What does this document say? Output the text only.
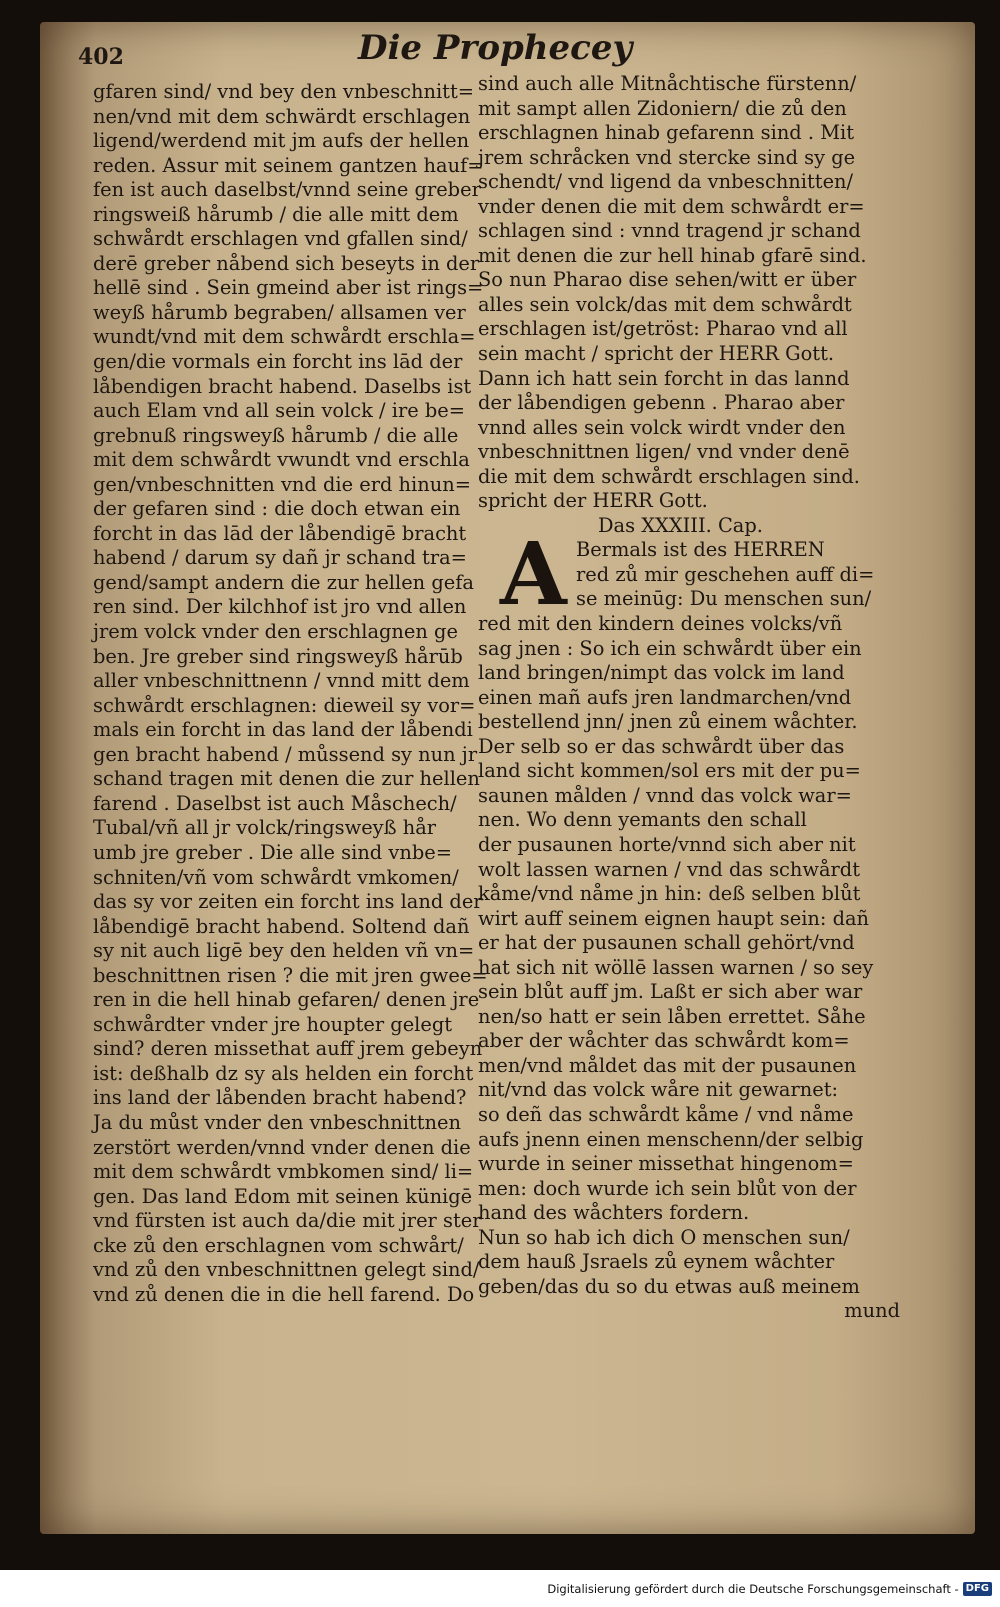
402	Die Prophecey
gfaren sind/ vnd bey den vnbeschnitt=
nen/vnd mit dem schwärdt erschlagen
ligend/werdend mit jm aufs der hellen
reden. Assur mit seinem gantzen hauf=
fen ist auch daselbst/vnnd seine greber
ringsweiß hårumb / die alle mitt dem
schwårdt erschlagen vnd gfallen sind/
derē greber nåbend sich beseyts in der
hellē sind . Sein gmeind aber ist rings=
weyß hårumb begraben/ allsamen ver
wundt/vnd mit dem schwårdt erschla=
gen/die vormals ein forcht ins lād der
låbendigen bracht habend. Daselbs ist
auch Elam vnd all sein volck / ire be=
grebnuß ringsweyß hårumb / die alle
mit dem schwårdt vwundt vnd erschla
gen/vnbeschnitten vnd die erd hinun=
der gefaren sind : die doch etwan ein
forcht in das lād der låbendigē bracht
habend / darum sy dañ jr schand tra=
gend/sampt andern die zur hellen gefa
ren sind. Der kilchhof ist jro vnd allen
jrem volck vnder den erschlagnen ge
ben. Jre greber sind ringsweyß hårūb
aller vnbeschnittnenn / vnnd mitt dem
schwårdt erschlagnen: dieweil sy vor=
mals ein forcht in das land der låbendi
gen bracht habend / můssend sy nun jr
schand tragen mit denen die zur hellen
farend . Daselbst ist auch Måschech/
Tubal/vñ all jr volck/ringsweyß hår
umb jre greber . Die alle sind vnbe=
schniten/vñ vom schwårdt vmkomen/
das sy vor zeiten ein forcht ins land der
låbendigē bracht habend. Soltend dañ
sy nit auch ligē bey den helden vñ vn=
beschnittnen risen ? die mit jren gwee=
ren in die hell hinab gefaren/ denen jre
schwårdter vnder jre houpter gelegt
sind? deren missethat auff jrem gebeyn
ist: deßhalb dz sy als helden ein forcht
ins land der låbenden bracht habend?
Ja du můst vnder den vnbeschnittnen
zerstört werden/vnnd vnder denen die
mit dem schwårdt vmbkomen sind/ li=
gen. Das land Edom mit seinen künigē
vnd fürsten ist auch da/die mit jrer ster
cke zů den erschlagnen vom schwårt/
vnd zů den vnbeschnittnen gelegt sind/
vnd zů denen die in die hell farend. Do
sind auch alle Mitnåchtische fürstenn/
mit sampt allen Zidoniern/ die zů den
erschlagnen hinab gefarenn sind . Mit
jrem schråcken vnd stercke sind sy ge
schendt/ vnd ligend da vnbeschnitten/
vnder denen die mit dem schwårdt er=
schlagen sind : vnnd tragend jr schand
mit denen die zur hell hinab gfarē sind.
So nun Pharao dise sehen/witt er über
alles sein volck/das mit dem schwårdt
erschlagen ist/getröst: Pharao vnd all
sein macht / spricht der HERR Gott.
Dann ich hatt sein forcht in das lannd
der låbendigen gebenn . Pharao aber
vnnd alles sein volck wirdt vnder den
vnbeschnittnen ligen/ vnd vnder denē
die mit dem schwårdt erschlagen sind.
spricht der HERR Gott.
Das XXXIII. Cap.
A Bermals ist des HERREN
red zů mir geschehen auff di=
se meinūg: Du menschen sun/
red mit den kindern deines volcks/vñ
sag jnen : So ich ein schwårdt über ein
land bringen/nimpt das volck im land
einen mañ aufs jren landmarchen/vnd
bestellend jnn/ jnen zů einem wåchter.
Der selb so er das schwårdt über das
land sicht kommen/sol ers mit der pu=
saunen målden / vnnd das volck war=
nen. Wo denn yemants den schall
der pusaunen horte/vnnd sich aber nit
wolt lassen warnen / vnd das schwårdt
kåme/vnd nåme jn hin: deß selben blůt
wirt auff seinem eignen haupt sein: dañ
er hat der pusaunen schall gehört/vnd
hat sich nit wöllē lassen warnen / so sey
sein blůt auff jm. Laßt er sich aber war
nen/so hatt er sein låben errettet. Såhe
aber der wåchter das schwårdt kom=
men/vnd måldet das mit der pusaunen
nit/vnd das volck wåre nit gewarnet:
so deñ das schwårdt kåme / vnd nåme
aufs jnenn einen menschenn/der selbig
wurde in seiner missethat hingenom=
men: doch wurde ich sein blůt von der
hand des wåchters fordern.
Nun so hab ich dich O menschen sun/
dem hauß Jsraels zů eynem wåchter
geben/das du so du etwas auß meinem
mund
Digitalisierung gefördert durch die Deutsche Forschungsgemeinschaft - DFG
